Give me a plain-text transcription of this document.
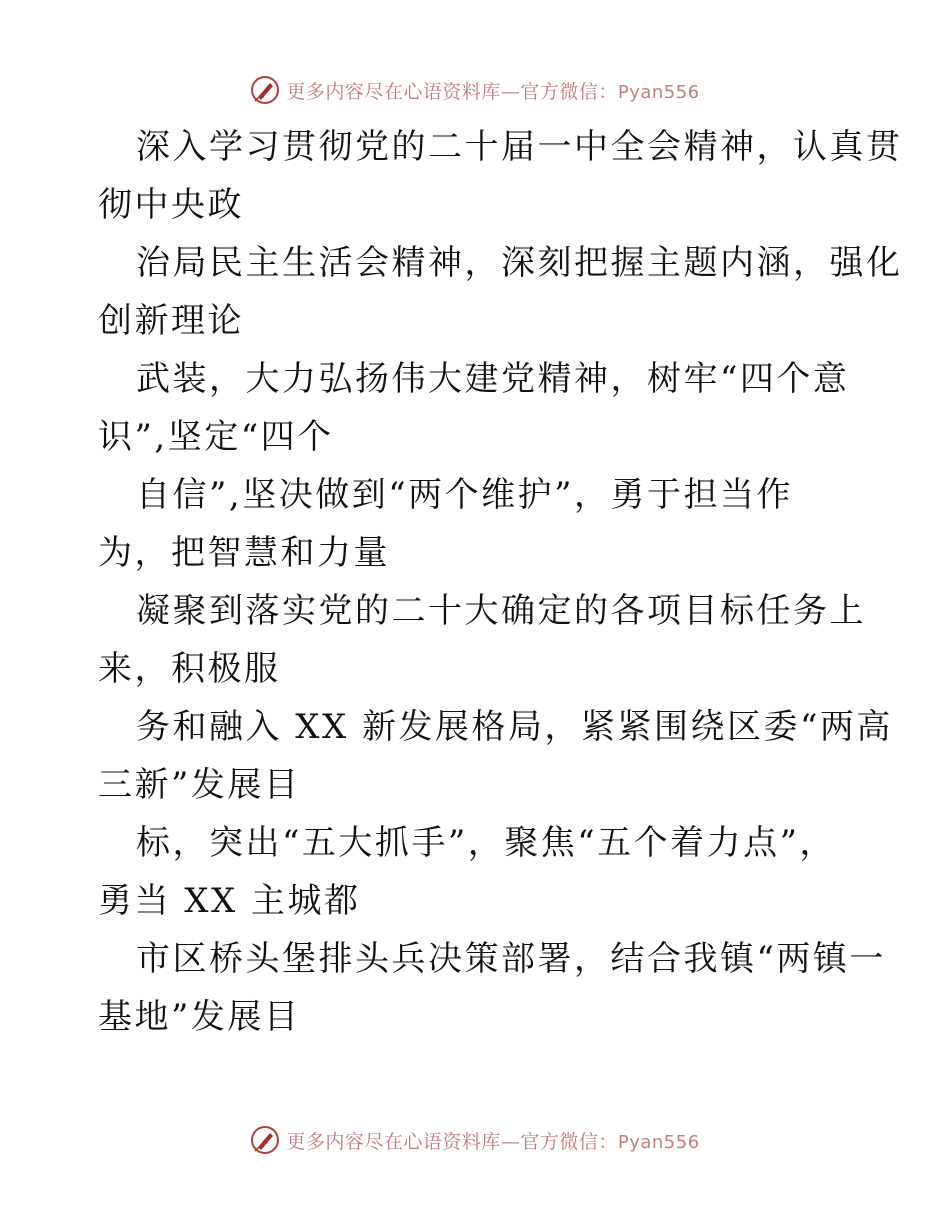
更多内容尽在心语资料库—官方微信：Pyan556

深入学习贯彻党的二十届一中全会精神，认真贯
彻中央政

治局民主生活会精神，深刻把握主题内涵，强化
创新理论

武装，大力弘扬伟大建党精神，树牢“四个意
识”,坚定“四个

自信”,坚决做到“两个维护”，勇于担当作
为，把智慧和力量

凝聚到落实党的二十大确定的各项目标任务上
来，积极服

务和融入 XX 新发展格局，紧紧围绕区委“两高
三新”发展目

标，突出“五大抓手”，聚焦“五个着力点”，
勇当 XX 主城都

市区桥头堡排头兵决策部署，结合我镇“两镇一
基地”发展目

更多内容尽在心语资料库—官方微信：Pyan556
